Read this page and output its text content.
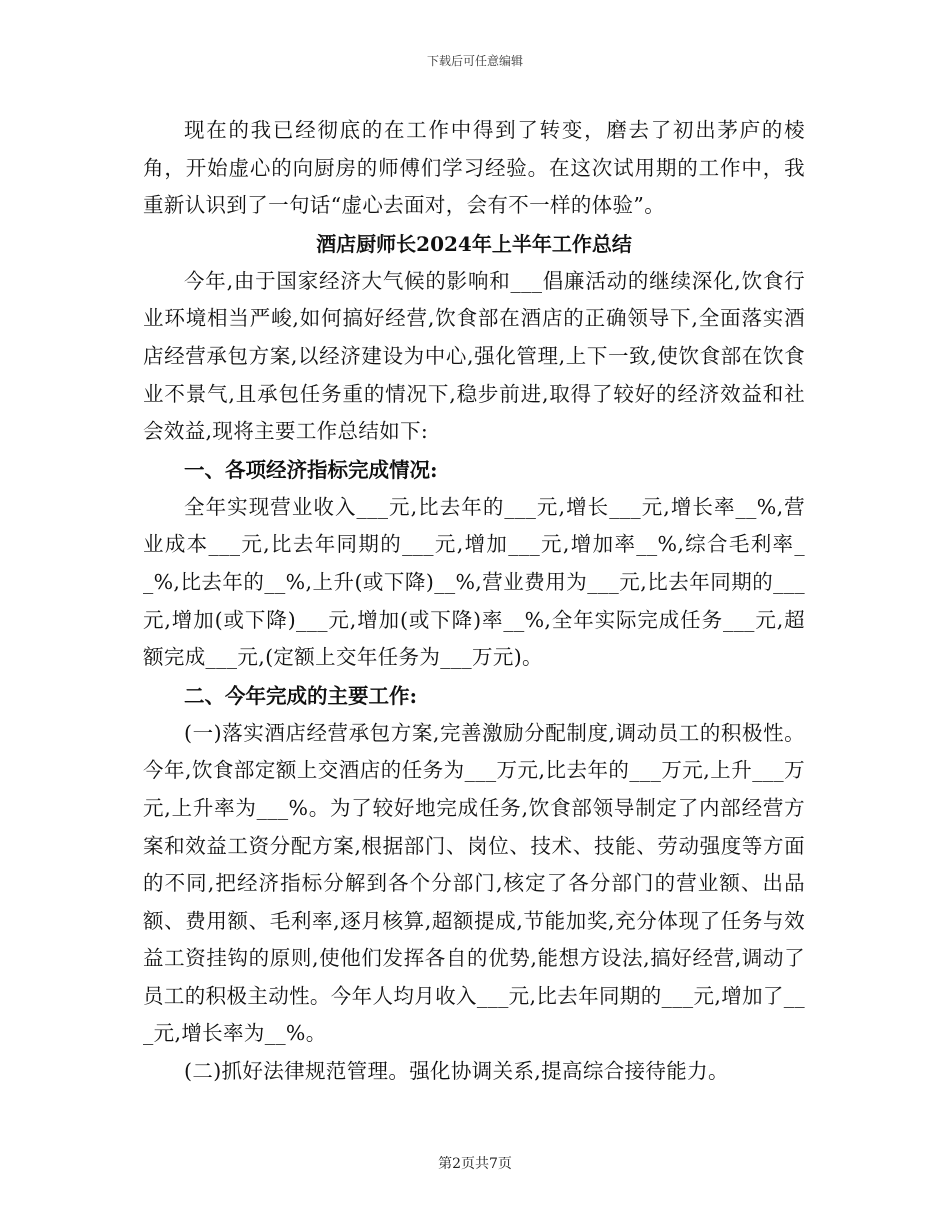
下载后可任意编辑

现在的我已经彻底的在工作中得到了转变，磨去了初出茅庐的棱角，开始虚心的向厨房的师傅们学习经验。在这次试用期的工作中，我重新认识到了一句话“虚心去面对，会有不一样的体验”。

酒店厨师长2024年上半年工作总结

今年,由于国家经济大气候的影响和___倡廉活动的继续深化,饮食行业环境相当严峻,如何搞好经营,饮食部在酒店的正确领导下,全面落实酒店经营承包方案,以经济建设为中心,强化管理,上下一致,使饮食部在饮食业不景气,且承包任务重的情况下,稳步前进,取得了较好的经济效益和社会效益,现将主要工作总结如下:

一、各项经济指标完成情况:

全年实现营业收入___元,比去年的___元,增长___元,增长率__%,营业成本___元,比去年同期的___元,增加___元,增加率__%,综合毛利率__%,比去年的__%,上升(或下降)__%,营业费用为___元,比去年同期的___元,增加(或下降)___元,增加(或下降)率__%,全年实际完成任务___元,超额完成___元,(定额上交年任务为___万元)。

二、今年完成的主要工作:

(一)落实酒店经营承包方案,完善激励分配制度,调动员工的积极性。今年,饮食部定额上交酒店的任务为___万元,比去年的___万元,上升___万元,上升率为___%。为了较好地完成任务,饮食部领导制定了内部经营方案和效益工资分配方案,根据部门、岗位、技术、技能、劳动强度等方面的不同,把经济指标分解到各个分部门,核定了各分部门的营业额、出品额、费用额、毛利率,逐月核算,超额提成,节能加奖,充分体现了任务与效益工资挂钩的原则,使他们发挥各自的优势,能想方设法,搞好经营,调动了员工的积极主动性。今年人均月收入___元,比去年同期的___元,增加了___元,增长率为__%。

(二)抓好法律规范管理。强化协调关系,提高综合接待能力。

第2页共7页
